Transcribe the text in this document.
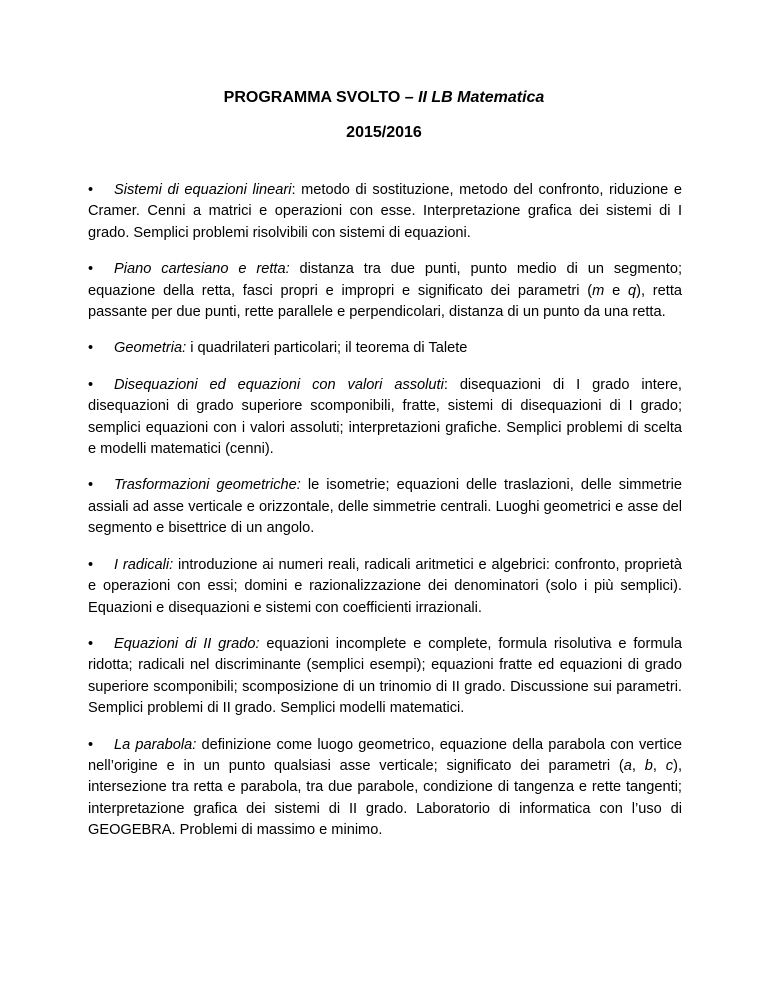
PROGRAMMA SVOLTO – II LB Matematica
2015/2016

• Sistemi di equazioni lineari: metodo di sostituzione, metodo del confronto, riduzione e Cramer. Cenni a matrici e operazioni con esse. Interpretazione grafica dei sistemi di I grado. Semplici problemi risolvibili con sistemi di equazioni.

• Piano cartesiano e retta: distanza tra due punti, punto medio di un segmento; equazione della retta, fasci propri e impropri e significato dei parametri (m e q), retta passante per due punti, rette parallele e perpendicolari, distanza di un punto da una retta.

• Geometria: i quadrilateri particolari; il teorema di Talete

• Disequazioni ed equazioni con valori assoluti: disequazioni di I grado intere, disequazioni di grado superiore scomponibili, fratte, sistemi di disequazioni di I grado; semplici equazioni con i valori assoluti; interpretazioni grafiche. Semplici problemi di scelta e modelli matematici (cenni).

• Trasformazioni geometriche: le isometrie; equazioni delle traslazioni, delle simmetrie assiali ad asse verticale e orizzontale, delle simmetrie centrali. Luoghi geometrici e asse del segmento e bisettrice di un angolo.

• I radicali: introduzione ai numeri reali, radicali aritmetici e algebrici: confronto, proprietà e operazioni con essi; domini e razionalizzazione dei denominatori (solo i più semplici). Equazioni e disequazioni e sistemi con coefficienti irrazionali.

• Equazioni di II grado: equazioni incomplete e complete, formula risolutiva e formula ridotta; radicali nel discriminante (semplici esempi); equazioni fratte ed equazioni di grado superiore scomponibili; scomposizione di un trinomio di II grado. Discussione sui parametri. Semplici problemi di II grado. Semplici modelli matematici.

• La parabola: definizione come luogo geometrico, equazione della parabola con vertice nell’origine e in un punto qualsiasi asse verticale; significato dei parametri (a, b, c), intersezione tra retta e parabola, tra due parabole, condizione di tangenza e rette tangenti; interpretazione grafica dei sistemi di II grado. Laboratorio di informatica con l’uso di GEOGEBRA. Problemi di massimo e minimo.
